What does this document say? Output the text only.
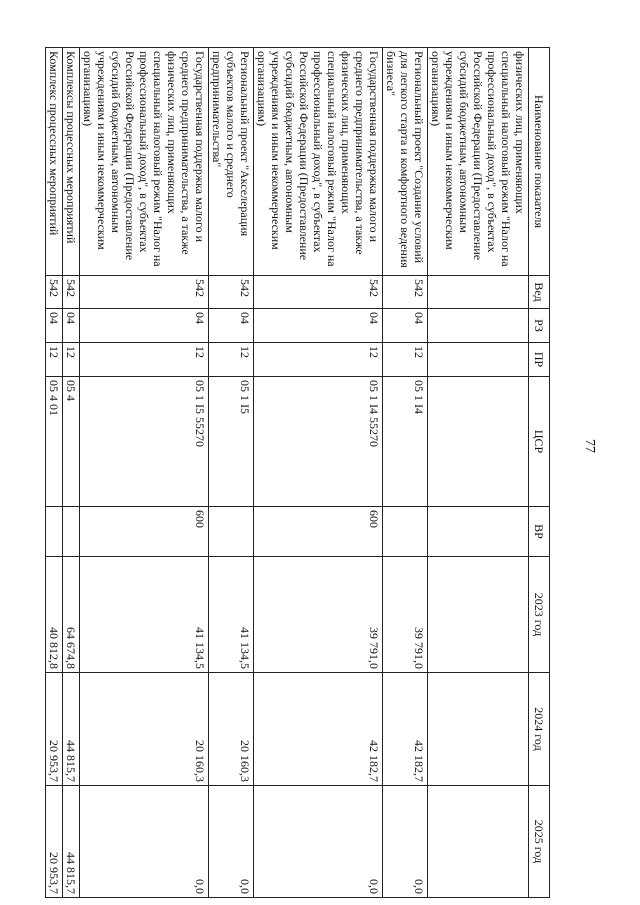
77
Наименование показателя	Вед	РЗ	ПР	ЦСР	ВР	2023 год	2024 год	2025 год
физических лиц, применяющих специальный налоговый режим "Налог на профессиональный доход", в субъектах Российской Федерации (Предоставление субсидий бюджетным, автономным учреждениям и иным некоммерческим организациям)								
Региональный проект "Создание условий для легкого старта и комфортного ведения бизнеса"	542	04	12	05 1 I4		39 791,0	42 182,7	0,0
Государственная поддержка малого и среднего предпринимательства, а также физических лиц, применяющих специальный налоговый режим "Налог на профессиональный доход", в субъектах Российской Федерации (Предоставление субсидий бюджетным, автономным учреждениям и иным некоммерческим организациям)	542	04	12	05 1 I4 55270	600	39 791,0	42 182,7	0,0
Региональный проект "Акселерация субъектов малого и среднего предпринимательства"	542	04	12	05 1 I5		41 134,5	20 160,3	0,0
Государственная поддержка малого и среднего предпринимательства, а также физических лиц, применяющих специальный налоговый режим "Налог на профессиональный доход", в субъектах Российской Федерации (Предоставление субсидий бюджетным, автономным учреждениям и иным некоммерческим организациям)	542	04	12	05 1 I5 55270	600	41 134,5	20 160,3	0,0
Комплексы процессных мероприятий	542	04	12	05 4		64 674,8	44 815,7	44 815,7
Комплекс процессных мероприятий	542	04	12	05 4 01		40 812,8	20 953,7	20 953,7
